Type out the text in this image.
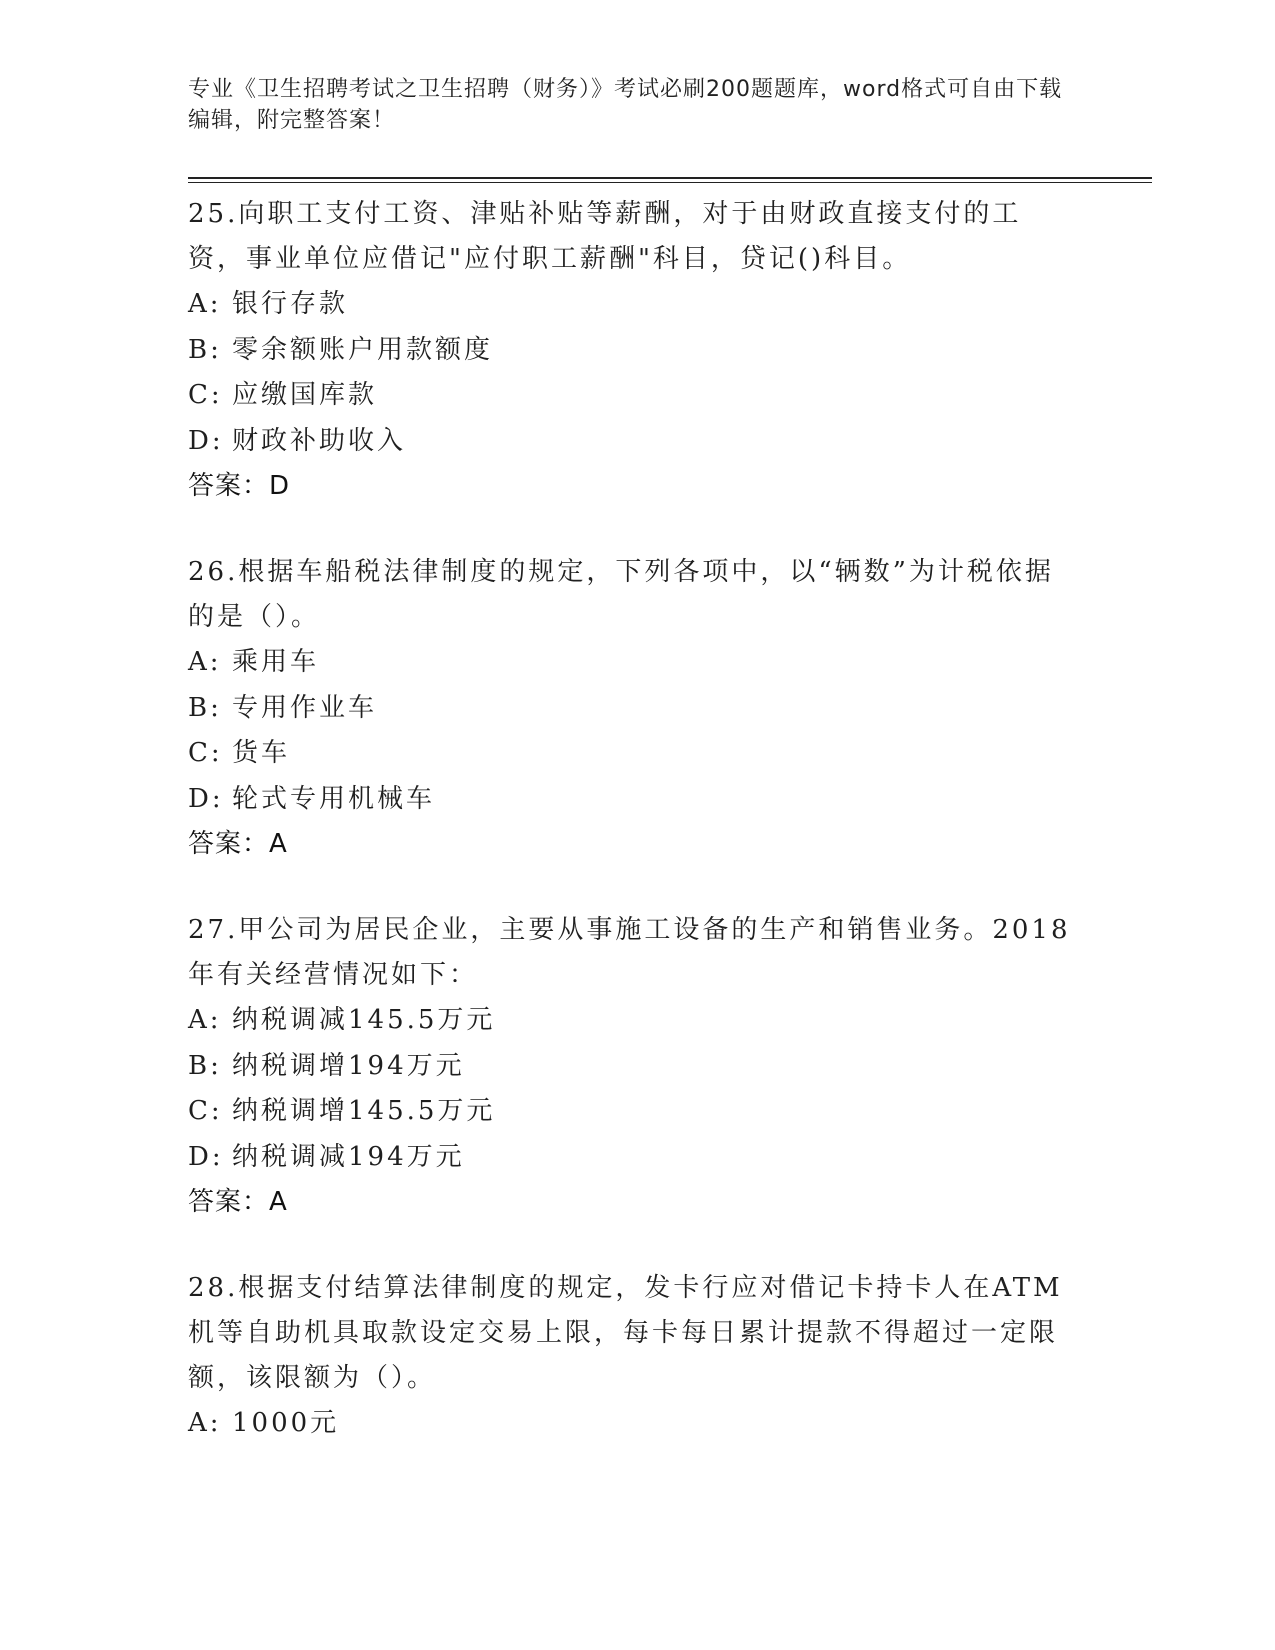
专业《卫生招聘考试之卫生招聘（财务）》考试必刷200题题库，word格式可自由下载编辑，附完整答案！
25.向职工支付工资、津贴补贴等薪酬，对于由财政直接支付的工资，事业单位应借记"应付职工薪酬"科目，贷记()科目。
A: 银行存款
B: 零余额账户用款额度
C: 应缴国库款
D: 财政补助收入
答案：D
26.根据车船税法律制度的规定，下列各项中，以“辆数”为计税依据的是（）。
A: 乘用车
B: 专用作业车
C: 货车
D: 轮式专用机械车
答案：A
27.甲公司为居民企业，主要从事施工设备的生产和销售业务。2018年有关经营情况如下：
A: 纳税调减145.5万元
B: 纳税调增194万元
C: 纳税调增145.5万元
D: 纳税调减194万元
答案：A
28.根据支付结算法律制度的规定，发卡行应对借记卡持卡人在ATM机等自助机具取款设定交易上限，每卡每日累计提款不得超过一定限额，该限额为（）。
A: 1000元
